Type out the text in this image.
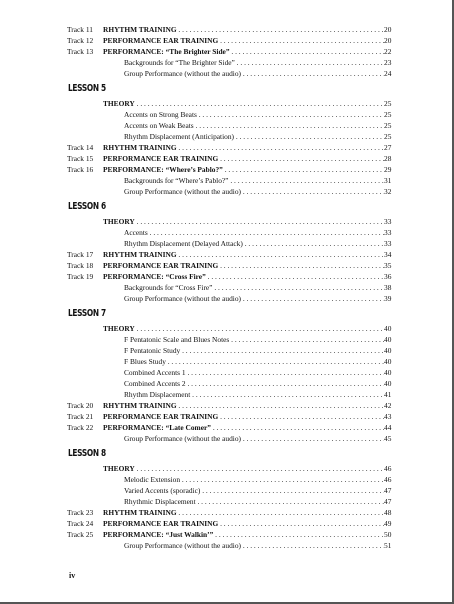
Track 11	RHYTHM TRAINING . . .	20
Track 12	PERFORMANCE EAR TRAINING . . .	20
Track 13	PERFORMANCE: “The Brighter Side” . . .	22
Backgrounds for “The Brighter Side” . . .	23
Group Performance (without the audio) . . .	24
LESSON 5
THEORY . . .	25
Accents on Strong Beats . . .	25
Accents on Weak Beats . . .	25
Rhythm Displacement (Anticipation) . . .	25
Track 14	RHYTHM TRAINING . . .	27
Track 15	PERFORMANCE EAR TRAINING . . .	28
Track 16	PERFORMANCE: “Where’s Pablo?” . . .	29
Backgrounds for “Where’s Pablo?” . . .	31
Group Performance (without the audio) . . .	32
LESSON 6
THEORY . . .	33
Accents . . .	33
Rhythm Displacement (Delayed Attack) . . .	33
Track 17	RHYTHM TRAINING . . .	34
Track 18	PERFORMANCE EAR TRAINING . . .	35
Track 19	PERFORMANCE: “Cross Fire” . . .	36
Backgrounds for “Cross Fire” . . .	38
Group Performance (without the audio) . . .	39
LESSON 7
THEORY . . .	40
F Pentatonic Scale and Blues Notes . . .	40
F Pentatonic Study . . .	40
F Blues Study . . .	40
Combined Accents 1 . . .	40
Combined Accents 2 . . .	40
Rhythm Displacement . . .	41
Track 20	RHYTHM TRAINING . . .	42
Track 21	PERFORMANCE EAR TRAINING . . .	43
Track 22	PERFORMANCE: “Late Comer” . . .	44
Group Performance (without the audio) . . .	45
LESSON 8
THEORY . . .	46
Melodic Extension . . .	46
Varied Accents (sporadic) . . .	47
Rhythmic Displacement . . .	47
Track 23	RHYTHM TRAINING . . .	48
Track 24	PERFORMANCE EAR TRAINING . . .	49
Track 25	PERFORMANCE: “Just Walkin’” . . .	50
Group Performance (without the audio) . . .	51
iv
